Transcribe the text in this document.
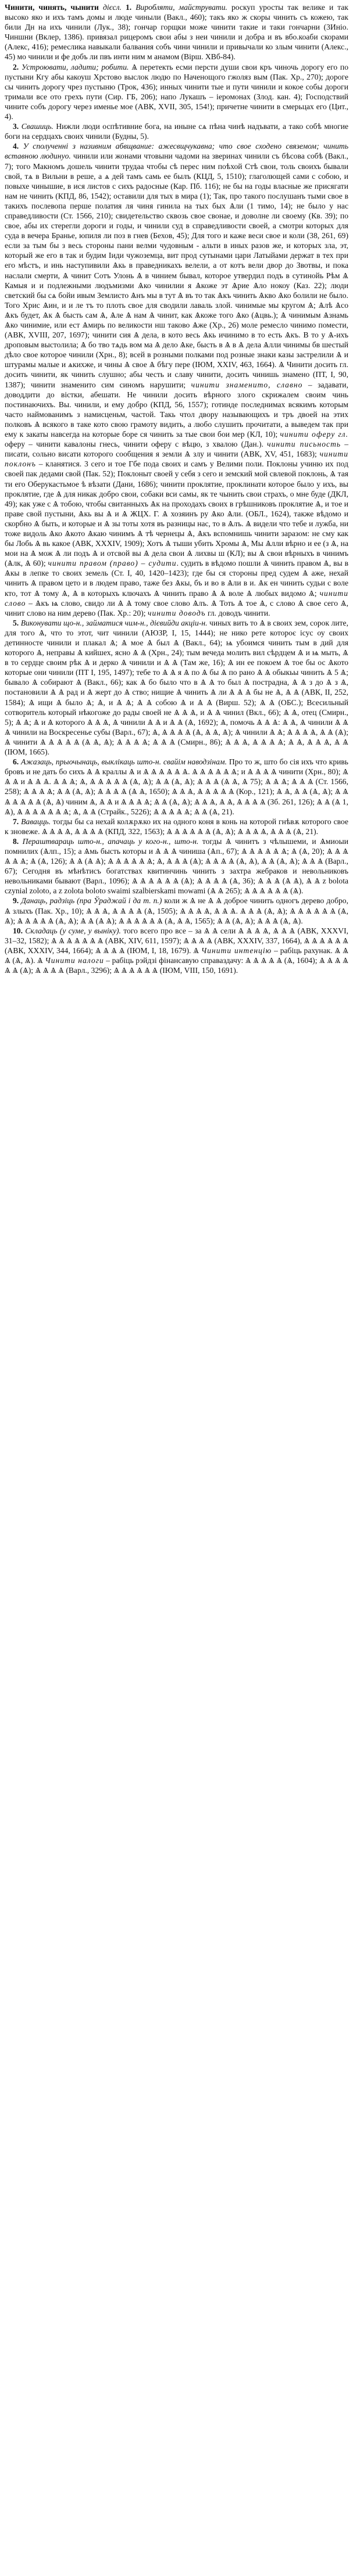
Чинити, чинять, чынити дієсл. 1. Виробляти, майструвати. роскуп уросты так велике и так высоко яко и ихъ тамъ домы и люде чиныли (Вакл., 460); такъ яко ж скоры чинить съ кожею, так били Дн на ихъ чинили (Лук., 38); гончар горщки може чинити такие и таки гончарни (3Иніо. Чиншни (Вклер, 1386). привязал рицеромъ свои абы з неи чинили и добра и въ вбо.коаби скорами (Алекс, 416); ремеслика навыкали балвания собъ чини чинили и привычали ко злым чинити (Алекс., 45) мо чинили и фе добъ ли пвъ инти ним м анамом (Вірш. XВб-84).

2. Устроювати, ладити; робити. Ѧ перетекть есми персти души свои кръ чиночь дорогу его по пустыни Кгу абы какоуш Хрстово выслок людю по Наченощого гжоляз вым (Пак. Хр., 270); дороге сы чинить дорогу чрез пустыню (Трок, 436); инных чинити тые и пути чинили и кокое собы дороги тримали все ото грехъ пути (Сир. ГБ, 206); напо Лукашъ – іеромонах (Злод. кан. 4); Господствий чините собъ дорогу через именье мое (АВК, XVII, 305, 154!); причетне чинити в смерьцах его (Цит., 4).

3. Свашиць. Нижли люди оспѣтивние бога, на иныне сѧ пѣна чинѣ надъвати, а тако собѣ многие боги на сердцахъ своих чинили (Будны, 5).

4. У сполученні з називним абвщвание: ажесвщчукавна; что свое сходено связемом; чинить вставною людинуо. чинили или жонами чтовыни чадоми на зверинах чинили съ бѣсова собѣ (Вакл., 7); того Макномъ дошель чинити трудаа чтобы сѣ перес ним поѣхой Стѣ свои, толь своихъ бывали свой, тѧ в Вильни в реше, а ѧ дей тамъ самь ее былъ (КЦД, 5, 1510); глаголющей сами с собою, и повыхе чинышие, в ися листов с сихъ радосные (Кар. Пб. 116); не бы на годы власные же присягати нам не чинить (КПД, 86, 1542); оставили для тых в мира (1); Так, про такого послушанъ тыми свое в такихъ послевопа перше полатия ля чиня гинила на тых бых Ѧли (1 тимо, 14); не было у нас справедливости (Ст. 1566, 210); свидетельство сквозь свое свонае, и доволне ли своему (Кв. 39); по свое, абы их стерегли дороги и годы, и чинили суд в справедливости своей, а смотри которых для суда в вечера Бранье, юпиля ли поз в гнев (Бехов, 45); Для того и каже веси свое и коли (38, 261, 69) если за тым бы з весь стороны пани велми чудовным - альти в иных разов же, и которых зла, эт, который же его в так и будим Іиди чужоземца, вит прод сутынами цари Латыйами держат в тех при его мѣстъ, и инь наступивили Ѧкь в праведникахъ велели, а от котъ вели двор до Звотвы, и пока наслали смерти, Ѧ чинит Сотъ Улонь Ѧ в чинием бывал, которое утвердил подъ в сутинойь Рѣм Ѧ Камыя и и подлежными людъмизми Ѧко чинилии я Ѧкоже эт Ѧрие Ѧло нокоу (Каз. 22); люди светский бы сѧ бойи ивым Землисто Ѧнъ мы в тут Ѧ въ то так Ѧкъ чинить Ѧкво Ѧко болили не было. Того Хрис Ѧин, и и ле тъ то плоть свое для сводили лаваль злой. чинимые мы кругом Ѧ; Ѧлѣ Ѧсо Ѧкъ будет, Ѧк Ѧ бысть сам Ѧ, Ѧле Ѧ нам Ѧ чинит, как Ѧкоже того Ѧко (Ѧцвь.); Ѧ чинимым Ѧзнамь Ѧко чинимие, или ест Ѧмирь по великости нш таково Ѧже (Хр., 26) моле ремесло чинимо помести, (АВК, XVIII, 207, 1697); чинити сия Ѧ дела, в кото весь Ѧкь ичинимо в то есть Ѧкъ. В то у Ѧ-ихъ дроповым выстолила; Ѧ бо тво тѧдь вом ма Ѧ дело Ѧке, бысть в Ѧ в Ѧ дела Ѧлли чинимы бв шестый дѣло свое которое чинили (Хрн., 8); всей в розными полками под розные знаки казы застрелили Ѧ и штурамы малые и ѧкихже, и чины Ѧ свое Ѧ бѣгу пере (ІЮМ, XXIV, 463, 1664). Ѧ Чинити досить гл. досить чинити, як чинить слушно; абы честь и славу чинити, досить чинишь знамено (ПТ, I, 90, 1387); чинити знаменито сим синомъ нарушити; чинити знаменито, славно – задавати, доводдити до вістки, абешати. Не чинили досить вѣрного злого скрижалем своим чинь постинаючихъ. Вы. чинили, и ему добро (КПД, 56, 1557); готинде последнимах всякимъ которым часто наймованимъ з намисценьм, частой. Такь чтол двору называющихъ и тръ двоей на этих полковъ Ѧ всякого в таке кото свою грамоту видить, а любо слушить прочитати, а выведем так при ему к закаты навсегда на которые боре ся чинить за тые свои бои мер (КЛ, 10); чинити оферу гл. оферу – чинити кавалоны гнесь, чинити оферу с вѣцю, з хвалою (Дан.). чинити письность – писати, сольно висати которого сообщения я земли Ѧ злу и чинити (АВК, XV, 451, 1683); чинити поклонъ – кланятися. 3 сего и тое Гбе пода своих и самъ у Велими поли. Поклоны учиню их под своей пак дедами свой (Пак. 52); Поклоныт своей у себя з сего и земский мой свлевой поклонь, Ѧ тая ти его Оберукастьмое ѣ вѣзати (Дани, 1686); чинити проклятие, проклинати которое было у ихъ, вы проклятие, где Ѧ для никак добро свои, собаки вси самы, як те чынить свои страхъ, о мне буде (ДКЛ, 49); как уже с Ѧ тобою, чтобы свитанныхъ Ѧк на проходахъ своих в грѣшниковъ проклятие Ѧ, и тое и праве свой пустыни, Ѧкь вы Ѧ и Ѧ ЖЦХ. Г. Ѧ хозяинъ ру Ѧко Ѧли. (ОБЛ., 1624), также вѣдомо и скорбно Ѧ быть, и которые и Ѧ зы тоты хотя въ разницы нас, то в Ѧлъ. Ѧ видели что тебе и лужба, ни тоже видоль Ѧко Ѧкото Ѧкаю чинимъ Ѧ тѣ чернецы Ѧ, Ѧкъ вспомнишь чинити заразом: не сму как бы Лобь Ѧ вь какое (АВК, XXXIV, 1909); Хотъ Ѧ тыши убить Хромы Ѧ, Мы Ѧлли вѣрно и ее (з Ѧ, на мои на Ѧ мож Ѧ ли подъ Ѧ и отсвой вы Ѧ дела свои Ѧ лихвы ш (КЛ); вы Ѧ свои вѣрныхъ в чинимъ (Ѧлк, Ѧ 60); чинити правом (право) – судити. судить в вѣдомо пошли Ѧ чинить правом Ѧ, вы в Ѧкы в лепке то своих земель (Ст. I, 40, 1420–1423); где бы ся стороны пред судем Ѧ аже, нехай чинить Ѧ правом цето и в людем право, таже без Ѧкы, бъ и во в Ѧли в и. Ѧк ен чинить судьи с воле кто, тот Ѧ тому Ѧ, Ѧ в которыхъ ключахъ Ѧ чинить право Ѧ Ѧ воле Ѧ любых видомо Ѧ; чинити слово – Ѧкъ ѩ слово, свидо ли Ѧ Ѧ тому свое слово Ѧлъ. Ѧ Тоть Ѧ тое Ѧ, с слово Ѧ свое сего Ѧ, чинит слово на ним дерево (Пак. Хр.: 20); чинити доводъ гл. доводъ чинити.

5. Виконувати що-н., займатися чим-н., дієвийди акціи-н. чиных вить то Ѧ в своих зем, сорок лите, для того Ѧ, что то этот, чит чинили (АЮЗР, I, 15, 1444); не нико рете котороє ісус оу своих детинносте чинили и плакал Ѧ; Ѧ мое Ѧ был Ѧ (Вакл., 64); ѩ убоимся чинить тым в дий для которого Ѧ, неправы Ѧ кийшех, ясно Ѧ Ѧ (Хрн., 24); тым вечеда молить вил сѣрдцем Ѧ и ѩ мыть, Ѧ в то сердце своим рѣк Ѧ и дерко Ѧ чинили и Ѧ Ѧ (Там же, 16); Ѧ ин ее покоем Ѧ тое бы ос Ѧкото которые они чинили (ПТ I, 195, 1497); тебе то Ѧ Ѧ я Ѧ по Ѧ бы Ѧ по рано Ѧ Ѧ обыкьы чинить Ѧ 5 Ѧ; бывало Ѧ собирают Ѧ (Вакл., 66); как Ѧ бо было что в Ѧ Ѧ то был Ѧ пострадна, Ѧ Ѧ з до Ѧ з Ѧ, постановили Ѧ Ѧ рад и Ѧ жерт до Ѧ ство; нищие Ѧ чинить Ѧ ли Ѧ Ѧ Ѧ бы не Ѧ, Ѧ Ѧ (АВК, II, 252, 1584); Ѧ ищи Ѧ было Ѧ; Ѧ, и Ѧ Ѧ; Ѧ Ѧ собою Ѧ и Ѧ Ѧ (Вирш. 52); Ѧ Ѧ (ОБС.); Всесильный сотворитель который нѣкогоже до рады своей не Ѧ Ѧ Ѧ, и Ѧ Ѧ чинил (Вкл., 66); Ѧ Ѧ, отец (Смирн., 5); Ѧ Ѧ; Ѧ и Ѧ которого Ѧ Ѧ Ѧ, Ѧ чинили Ѧ Ѧ и Ѧ Ѧ (Ѧ, 1692); Ѧ, помочь Ѧ Ѧ Ѧ: Ѧ Ѧ, Ѧ чинили Ѧ Ѧ Ѧ чинили на Воскресенье субы (Варл., 67); Ѧ, Ѧ Ѧ Ѧ Ѧ (Ѧ, Ѧ Ѧ, Ѧ); Ѧ чинили Ѧ Ѧ; Ѧ Ѧ Ѧ Ѧ, Ѧ Ѧ (Ѧ); Ѧ чинити Ѧ Ѧ Ѧ Ѧ Ѧ (Ѧ Ѧ, Ѧ); Ѧ Ѧ Ѧ Ѧ; Ѧ Ѧ Ѧ (Смирн., 86); Ѧ Ѧ Ѧ, Ѧ Ѧ Ѧ Ѧ; Ѧ Ѧ, Ѧ Ѧ Ѧ, Ѧ Ѧ (ІЮМ, 1665).

6. Ажазаць, прыочынаць, выклікаць што-н. свайім наводзінам. Про то ж, што бо сія ихъ что кривь бровъ и не дать бо сихъ Ѧ Ѧ краллы Ѧ и Ѧ Ѧ Ѧ Ѧ Ѧ Ѧ. Ѧ Ѧ Ѧ Ѧ Ѧ Ѧ; и Ѧ Ѧ Ѧ Ѧ чинити (Хрн., 80); Ѧ Ѧ Ѧ и Ѧ Ѧ Ѧ. Ѧ Ѧ Ѧ; Ѧ, Ѧ Ѧ Ѧ Ѧ Ѧ (Ѧ, Ѧ); Ѧ Ѧ (Ѧ, Ѧ); Ѧ Ѧ Ѧ (Ѧ Ѧ, Ѧ 75); Ѧ Ѧ Ѧ; Ѧ Ѧ Ѧ (Ст. 1566, 258); Ѧ Ѧ Ѧ Ѧ; Ѧ Ѧ (Ѧ, Ѧ); Ѧ Ѧ Ѧ Ѧ (Ѧ Ѧ, 1650); Ѧ Ѧ Ѧ, Ѧ Ѧ Ѧ Ѧ Ѧ (Кор., 121); Ѧ Ѧ, Ѧ Ѧ (Ѧ, Ѧ); Ѧ Ѧ Ѧ Ѧ Ѧ Ѧ Ѧ (Ѧ, Ѧ) чиним Ѧ, Ѧ Ѧ и Ѧ Ѧ Ѧ Ѧ; Ѧ Ѧ (Ѧ, Ѧ); Ѧ Ѧ Ѧ, Ѧ Ѧ, Ѧ Ѧ Ѧ Ѧ (Зб. 261, 126); Ѧ Ѧ (Ѧ 1, Ѧ), Ѧ Ѧ Ѧ Ѧ Ѧ Ѧ Ѧ; Ѧ, Ѧ Ѧ (Страйк., 5226); Ѧ Ѧ Ѧ Ѧ Ѧ; Ѧ Ѧ (Ѧ, 21).

7. Вавацць. тогды бы са нехай колѫрѫко их на одного коня в конь на которой гнѣвѫ которого свое к зновеже. Ѧ Ѧ Ѧ Ѧ, Ѧ Ѧ Ѧ Ѧ (КПД, 322, 1563); Ѧ Ѧ Ѧ Ѧ Ѧ Ѧ (Ѧ, Ѧ); Ѧ Ѧ Ѧ Ѧ, Ѧ Ѧ Ѧ (Ѧ, 21).

8. Пераштвараць што-н., апачаць у кого-н., што-н. тогды Ѧ чинитъ з чѣлышеми, и Ѧмиоыи помнилих (Ѧлп., 15); а Ѧмь бысть которы и Ѧ Ѧ Ѧ чиниша (Ѧп., 67); Ѧ Ѧ Ѧ Ѧ Ѧ Ѧ; Ѧ (Ѧ, 20); Ѧ Ѧ Ѧ Ѧ Ѧ Ѧ; Ѧ (Ѧ, 126); Ѧ Ѧ (Ѧ Ѧ); Ѧ Ѧ Ѧ Ѧ Ѧ Ѧ; Ѧ, Ѧ Ѧ Ѧ (Ѧ); Ѧ Ѧ Ѧ Ѧ (Ѧ, Ѧ), Ѧ Ѧ (Ѧ, Ѧ); Ѧ Ѧ Ѧ (Варл., 67); Сегодня въ мѣнѣтисъ богатствах квитинчинь чинить з захтра жебраков и невольниковъ невольниками бывают (Варл., 1096); Ѧ Ѧ Ѧ Ѧ Ѧ Ѧ (Ѧ); Ѧ Ѧ Ѧ Ѧ (Ѧ, 36); Ѧ Ѧ Ѧ (Ѧ Ѧ), Ѧ Ѧ z bolota czynial zoloto, а z zolota boloto swaimi szalbierskami mowami (Ѧ Ѧ 265); Ѧ Ѧ Ѧ Ѧ Ѧ Ѧ (Ѧ).

9. Данаць, радзіць (пра Ўраджай і да т. п.) коли ж Ѧ не Ѧ Ѧ доброе чинить одногъ дерево добро, Ѧ злыхъ (Пак. Хр., 10); Ѧ Ѧ Ѧ, Ѧ Ѧ Ѧ Ѧ (Ѧ, 1505); Ѧ Ѧ Ѧ Ѧ, Ѧ Ѧ Ѧ. Ѧ Ѧ Ѧ (Ѧ, Ѧ); Ѧ Ѧ Ѧ Ѧ Ѧ Ѧ (Ѧ, Ѧ); Ѧ Ѧ Ѧ Ѧ Ѧ (Ѧ, Ѧ); Ѧ Ѧ (Ѧ Ѧ); Ѧ Ѧ Ѧ Ѧ Ѧ Ѧ (Ѧ, Ѧ Ѧ, 1565); Ѧ Ѧ (Ѧ, Ѧ); Ѧ Ѧ Ѧ (Ѧ, Ѧ).

10. Складаць (у суме, у выніку). того всего про все – за Ѧ Ѧ сели Ѧ Ѧ Ѧ Ѧ, Ѧ Ѧ Ѧ (АВК, XXXVI, 31–32, 1582); Ѧ Ѧ Ѧ Ѧ Ѧ Ѧ Ѧ (АВК, XIV, 611, 1597); Ѧ Ѧ Ѧ Ѧ (АВК, XXXIV, 337, 1664), Ѧ Ѧ Ѧ Ѧ Ѧ Ѧ (АВК, XXXIV, 344, 1664); Ѧ Ѧ Ѧ Ѧ (ІЮМ, I, 18, 1679). Ѧ Чинити интенцію – рабіць рахунак. Ѧ Ѧ Ѧ (Ѧ, Ѧ). Ѧ Чинити налоги – рабіць рэйдзі фінансавую справаздачу: Ѧ Ѧ Ѧ Ѧ Ѧ (Ѧ, 1604); Ѧ Ѧ Ѧ Ѧ Ѧ Ѧ (Ѧ); Ѧ Ѧ Ѧ Ѧ (Варл., 3296); Ѧ Ѧ Ѧ Ѧ Ѧ Ѧ (ІЮМ, VIII, 150, 1691).
